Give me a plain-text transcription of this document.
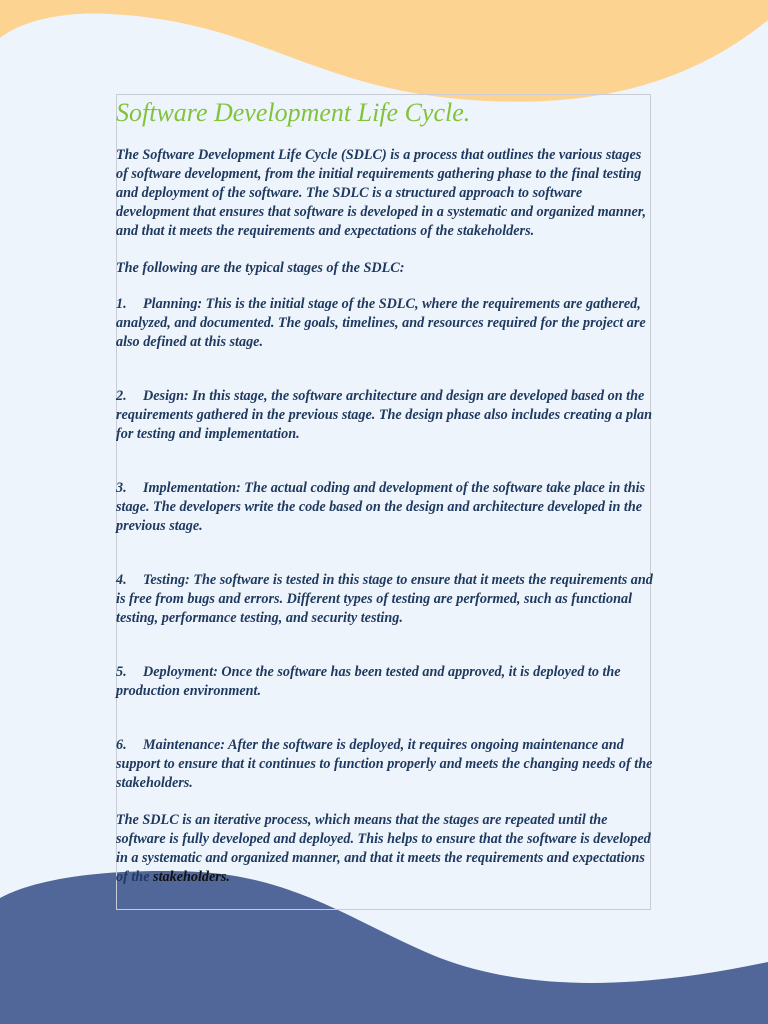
Software Development Life Cycle.

The Software Development Life Cycle (SDLC) is a process that outlines the various stages of software development, from the initial requirements gathering phase to the final testing and deployment of the software. The SDLC is a structured approach to software development that ensures that software is developed in a systematic and organized manner, and that it meets the requirements and expectations of the stakeholders.

The following are the typical stages of the SDLC:

1. Planning: This is the initial stage of the SDLC, where the requirements are gathered, analyzed, and documented. The goals, timelines, and resources required for the project are also defined at this stage.

2. Design: In this stage, the software architecture and design are developed based on the requirements gathered in the previous stage. The design phase also includes creating a plan for testing and implementation.

3. Implementation: The actual coding and development of the software take place in this stage. The developers write the code based on the design and architecture developed in the previous stage.

4. Testing: The software is tested in this stage to ensure that it meets the requirements and is free from bugs and errors. Different types of testing are performed, such as functional testing, performance testing, and security testing.

5. Deployment: Once the software has been tested and approved, it is deployed to the production environment.

6. Maintenance: After the software is deployed, it requires ongoing maintenance and support to ensure that it continues to function properly and meets the changing needs of the stakeholders.

The SDLC is an iterative process, which means that the stages are repeated until the software is fully developed and deployed. This helps to ensure that the software is developed in a systematic and organized manner, and that it meets the requirements and expectations of the stakeholders.
